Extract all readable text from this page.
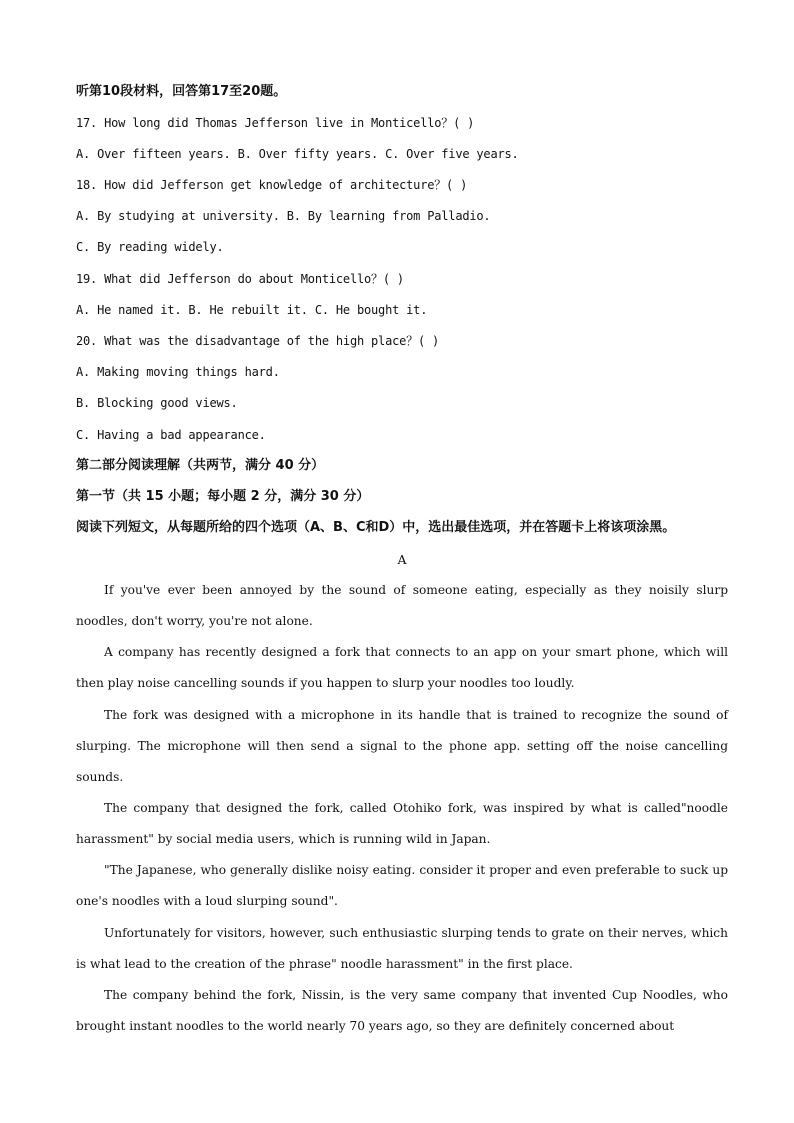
听第10段材料，回答第17至20题。
17. How long did Thomas Jefferson live in Monticello？( )
A. Over fifteen years. B. Over fifty years. C. Over five years.
18. How did Jefferson get knowledge of architecture？( )
A. By studying at university. B. By learning from Palladio.
C. By reading widely.
19. What did Jefferson do about Monticello？( )
A. He named it. B. He rebuilt it. C. He bought it.
20. What was the disadvantage of the high place？( )
A. Making moving things hard.
B. Blocking good views.
C. Having a bad appearance.
第二部分阅读理解（共两节，满分 40 分）
第一节（共 15 小题；每小题 2 分，满分 30 分）
阅读下列短文，从每题所给的四个选项（A、B、C和D）中，选出最佳选项，并在答题卡上将该项涂黑。
A
If you've ever been annoyed by the sound of someone eating, especially as they noisily slurp noodles, don't worry, you're not alone.
A company has recently designed a fork that connects to an app on your smart phone, which will then play noise cancelling sounds if you happen to slurp your noodles too loudly.
The fork was designed with a microphone in its handle that is trained to recognize the sound of slurping. The microphone will then send a signal to the phone app. setting off the noise cancelling sounds.
The company that designed the fork, called Otohiko fork, was inspired by what is called"noodle harassment" by social media users, which is running wild in Japan.
"The Japanese, who generally dislike noisy eating. consider it proper and even preferable to suck up one's noodles with a loud slurping sound".
Unfortunately for visitors, however, such enthusiastic slurping tends to grate on their nerves, which is what lead to the creation of the phrase" noodle harassment" in the first place.
The company behind the fork, Nissin, is the very same company that invented Cup Noodles, who brought instant noodles to the world nearly 70 years ago, so they are definitely concerned about
